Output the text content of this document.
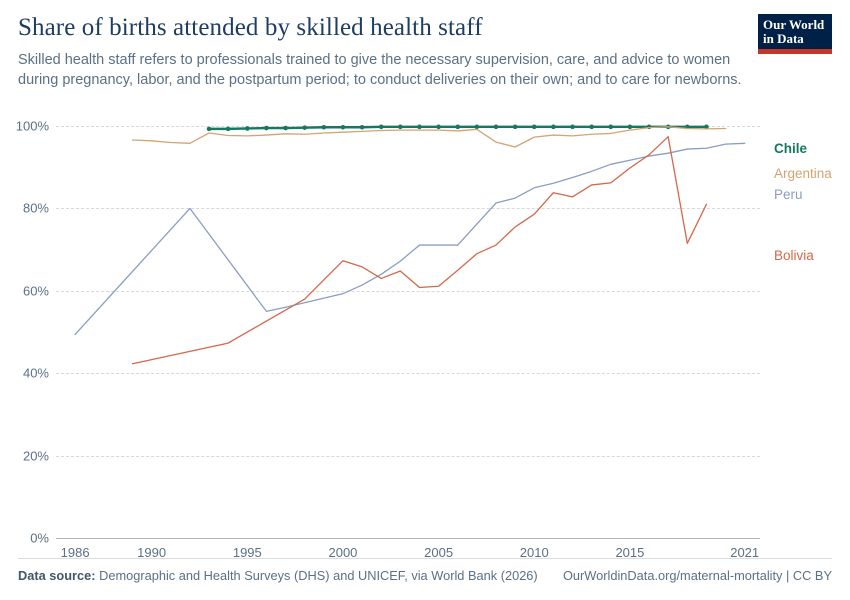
Share of births attended by skilled health staff

Skilled health staff refers to professionals trained to give the necessary supervision, care, and advice to women during pregnancy, labor, and the postpartum period; to conduct deliveries on their own; and to care for newborns.

Our World
in Data
0%
20%
40%
60%
80%
100%
1986	1990	1995	2000	2005	2010	2015	2021
Chile
Argentina
Peru
Bolivia
Data source: Demographic and Health Surveys (DHS) and UNICEF, via World Bank (2026) OurWorldinData.org/maternal-mortality | CC BY
